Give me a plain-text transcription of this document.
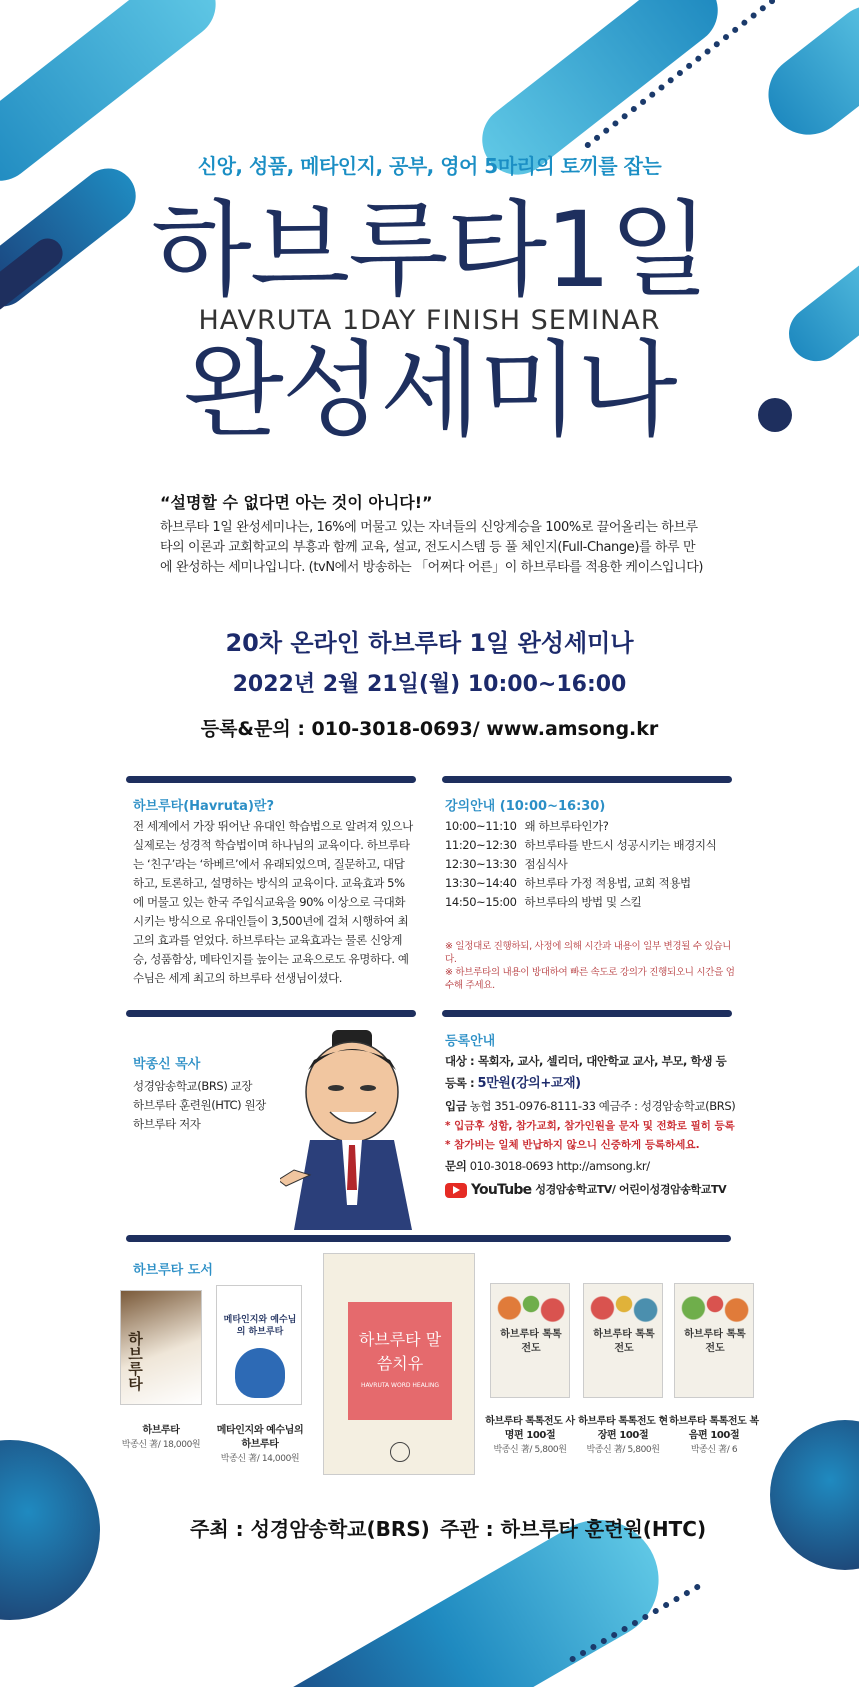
신앙, 성품, 메타인지, 공부, 영어 5마리의 토끼를 잡는
하브루타1일
HAVRUTA 1DAY FINISH SEMINAR
완성세미나
“설명할 수 없다면 아는 것이 아니다!”
하브루타 1일 완성세미나는, 16%에 머물고 있는 자녀들의 신앙계승을 100%로 끌어올리는 하브루타의 이론과 교회학교의 부흥과 함께 교육, 설교, 전도시스템 등 풀 체인지(Full-Change)를 하루 만에 완성하는 세미나입니다. (tvN에서 방송하는 「어쩌다 어른」이 하브루타를 적용한 케이스입니다)
20차 온라인 하브루타 1일 완성세미나
2022년 2월 21일(월) 10:00~16:00
등록&문의 : 010-3018-0693/ www.amsong.kr
하브루타(Havruta)란?
전 세계에서 가장 뛰어난 유대인 학습법으로 알려져 있으나 실제로는 성경적 학습법이며 하나님의 교육이다. 하브루타는 ‘친구’라는 ‘하베르’에서 유래되었으며, 질문하고, 대답하고, 토론하고, 설명하는 방식의 교육이다. 교육효과 5%에 머물고 있는 한국 주입식교육을 90% 이상으로 극대화시키는 방식으로 유대인들이 3,500년에 걸쳐 시행하여 최고의 효과를 얻었다. 하브루타는 교육효과는 물론 신앙계승, 성품함상, 메타인지를 높이는 교육으로도 유명하다. 예수님은 세계 최고의 하브루타 선생님이셨다.
강의안내 (10:00~16:30)
10:00~11:10 왜 하브루타인가?
11:20~12:30 하브루타를 반드시 성공시키는 배경지식
12:30~13:30 점심식사
13:30~14:40 하브루타 가정 적용법, 교회 적용법
14:50~15:00 하브루타의 방법 및 스킬
※ 일정대로 진행하되, 사정에 의해 시간과 내용이 일부 변경될 수 있습니다.
※ 하브루타의 내용이 방대하여 빠른 속도로 강의가 진행되오니 시간을 엄수해 주세요.
박종신 목사
성경암송학교(BRS) 교장
하브루타 훈련원(HTC) 원장
하브루타 저자
등록안내
대상 : 목회자, 교사, 셀리더, 대안학교 교사, 부모, 학생 등
등록 : 5만원(강의+교재)
입금 농협 351-0976-8111-33 예금주 : 성경암송학교(BRS)
* 입금후 성함, 참가교회, 참가인원을 문자 및 전화로 필히 등록
* 참가비는 일체 반납하지 않으니 신중하게 등록하세요.
문의 010-3018-0693 http://amsong.kr/
YouTube 성경암송학교TV/ 어린이성경암송학교TV
하브루타 도서
하브루타
메타인지와 예수님의 하브루타	하브루타 말씀치유
HAVRUTA WORD HEALING
하브루타 톡톡전도
하브루타 톡톡전도
하브루타 톡톡전도
하브루타
박종신 著/ 18,000원
메타인지와 예수님의 하브루타
박종신 著/ 14,000원
하브루타 톡톡전도 사명편 100절
박종신 著/ 5,800원
하브루타 톡톡전도 현장편 100절
박종신 著/ 5,800원
하브루타 톡톡전도 복음편 100절
박종신 著/ 6
주최 : 성경암송학교(BRS) 주관 : 하브루타 훈련원(HTC)
